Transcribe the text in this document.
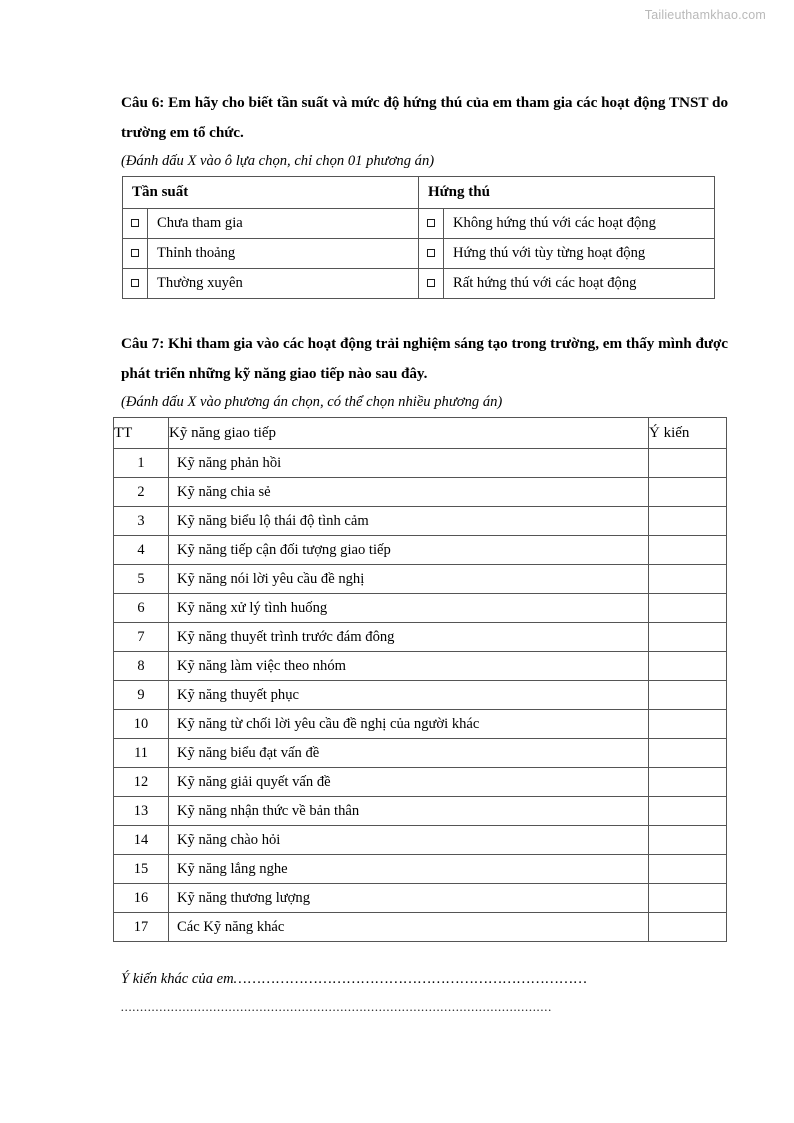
Tailieuthamkhao.com

Câu 6: Em hãy cho biết tần suất và mức độ hứng thú của em tham gia các hoạt động TNST do trường em tổ chức.

(Đánh dấu X vào ô lựa chọn, chỉ chọn 01 phương án)

Tần suất		Hứng thú	
	Chưa tham gia		Không hứng thú với các hoạt động
	Thỉnh thoảng		Hứng thú với tùy từng hoạt động
	Thường xuyên		Rất hứng thú với các hoạt động

Câu 7: Khi tham gia vào các hoạt động trải nghiệm sáng tạo trong trường, em thấy mình được phát triển những kỹ năng giao tiếp nào sau đây.

(Đánh dấu X vào phương án chọn, có thể chọn nhiều phương án)

TT	Kỹ năng giao tiếp	Ý kiến
1	Kỹ năng phản hồi	
2	Kỹ năng chia sẻ	
3	Kỹ năng biểu lộ thái độ tình cảm	
4	Kỹ năng tiếp cận đối tượng giao tiếp	
5	Kỹ năng nói lời yêu cầu đề nghị	
6	Kỹ năng xử lý tình huống	
7	Kỹ năng thuyết trình trước đám đông	
8	Kỹ năng làm việc theo nhóm	
9	Kỹ năng thuyết phục	
10	Kỹ năng từ chối lời yêu cầu đề nghị của người khác	
11	Kỹ năng biểu đạt vấn đề	
12	Kỹ năng giải quyết vấn đề	
13	Kỹ năng nhận thức về bản thân	
14	Kỹ năng chào hỏi	
15	Kỹ năng lắng nghe	
16	Kỹ năng thương lượng	
17	Các Kỹ năng khác	
Ý kiến khác của em…………………………………………………………………
................................................................................................................
